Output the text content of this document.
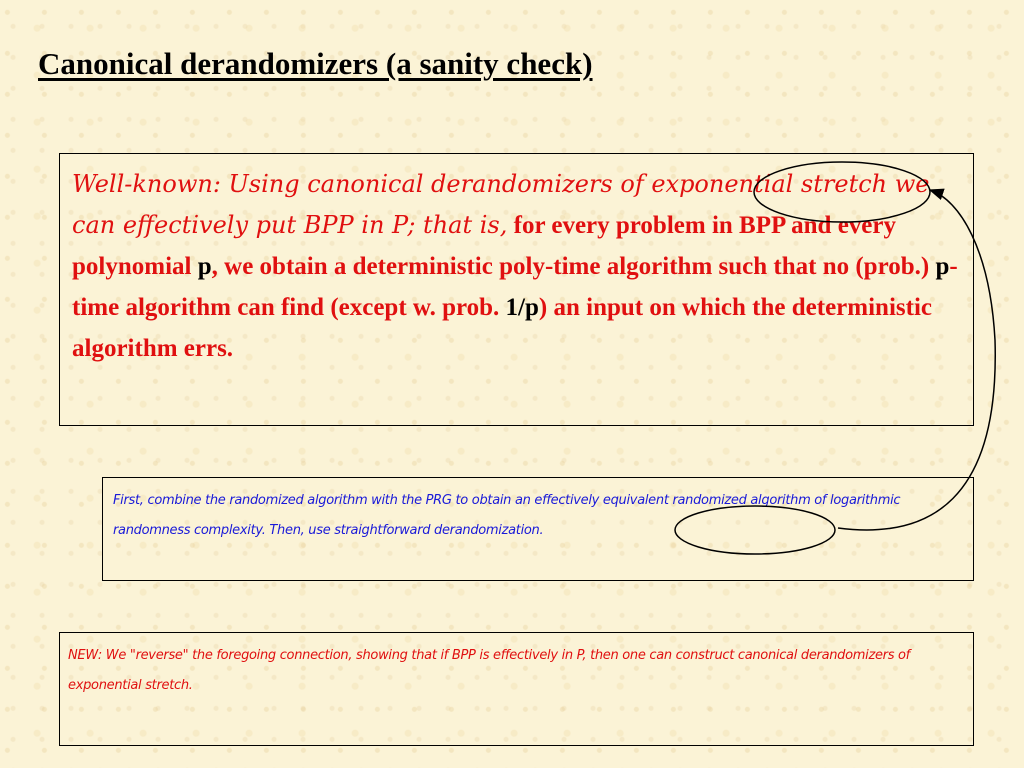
Canonical derandomizers (a sanity check)
Well-known: Using canonical derandomizers of exponential stretch we can effectively put BPP in P; that is, for every problem in BPP and every polynomial p, we obtain a deterministic poly-time algorithm such that no (prob.) p-time algorithm can find (except w. prob. 1/p) an input on which the deterministic algorithm errs.
First, combine the randomized algorithm with the PRG to obtain an effectively equivalent randomized algorithm of logarithmic randomness complexity. Then, use straightforward derandomization.
NEW: We "reverse" the foregoing connection, showing that if BPP is effectively in P, then one can construct canonical derandomizers of exponential stretch.
